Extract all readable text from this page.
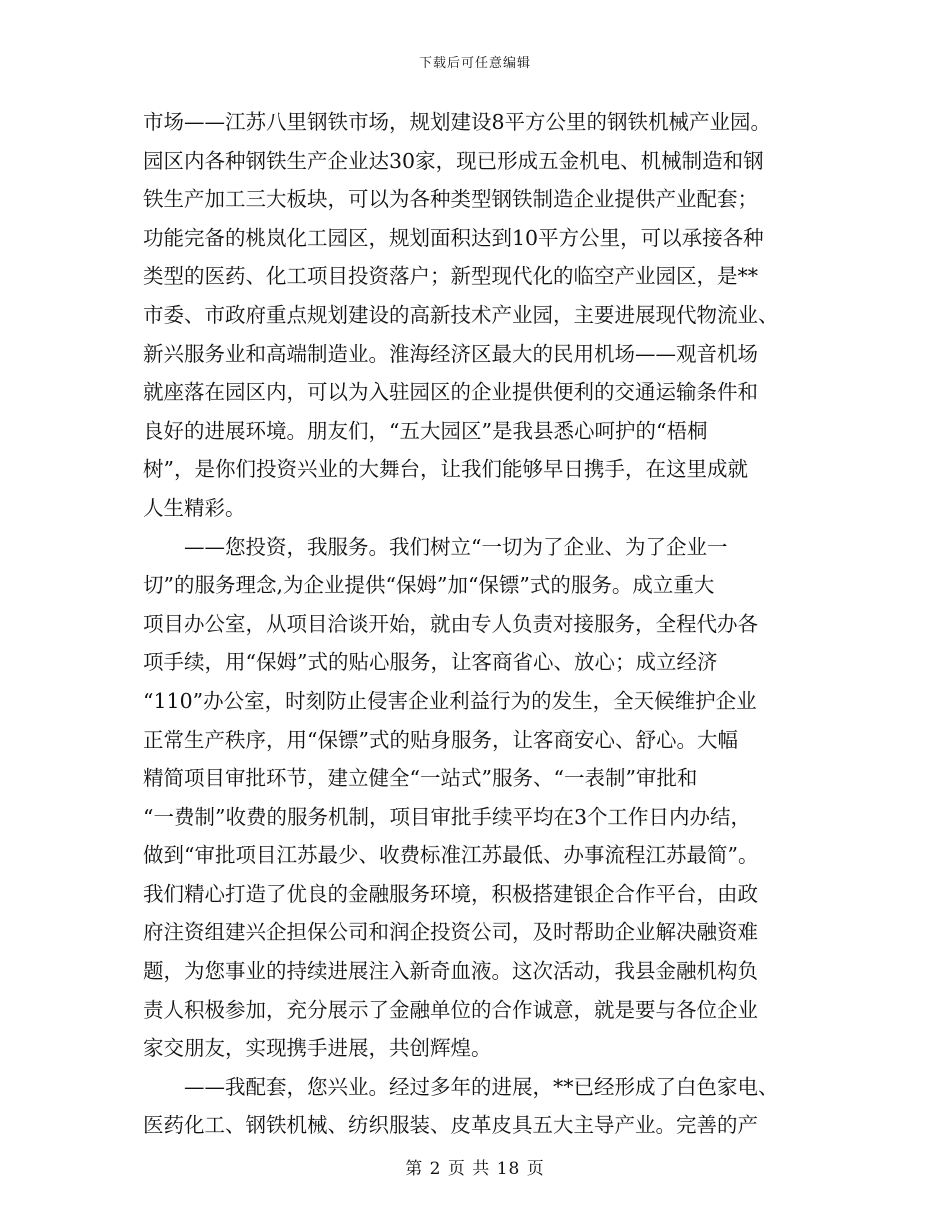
下载后可任意编辑
市场——江苏八里钢铁市场，规划建设8平方公里的钢铁机械产业园。
园区内各种钢铁生产企业达30家，现已形成五金机电、机械制造和钢
铁生产加工三大板块，可以为各种类型钢铁制造企业提供产业配套；
功能完备的桃岚化工园区，规划面积达到10平方公里，可以承接各种
类型的医药、化工项目投资落户；新型现代化的临空产业园区，是**
市委、市政府重点规划建设的高新技术产业园，主要进展现代物流业、
新兴服务业和高端制造业。淮海经济区最大的民用机场——观音机场
就座落在园区内，可以为入驻园区的企业提供便利的交通运输条件和
良好的进展环境。朋友们，“五大园区”是我县悉心呵护的“梧桐
树”，是你们投资兴业的大舞台，让我们能够早日携手，在这里成就
人生精彩。
——您投资，我服务。我们树立“一切为了企业、为了企业一
切”的服务理念,为企业提供“保姆”加“保镖”式的服务。成立重大
项目办公室，从项目洽谈开始，就由专人负责对接服务，全程代办各
项手续，用“保姆”式的贴心服务，让客商省心、放心；成立经济
“110”办公室，时刻防止侵害企业利益行为的发生，全天候维护企业
正常生产秩序，用“保镖”式的贴身服务，让客商安心、舒心。大幅
精简项目审批环节，建立健全“一站式”服务、“一表制”审批和
“一费制”收费的服务机制，项目审批手续平均在3个工作日内办结，
做到“审批项目江苏最少、收费标准江苏最低、办事流程江苏最简”。
我们精心打造了优良的金融服务环境，积极搭建银企合作平台，由政
府注资组建兴企担保公司和润企投资公司，及时帮助企业解决融资难
题，为您事业的持续进展注入新奇血液。这次活动，我县金融机构负
责人积极参加，充分展示了金融单位的合作诚意，就是要与各位企业
家交朋友，实现携手进展，共创辉煌。
——我配套，您兴业。经过多年的进展，**已经形成了白色家电、
医药化工、钢铁机械、纺织服装、皮革皮具五大主导产业。完善的产
第 2 页 共 18 页
